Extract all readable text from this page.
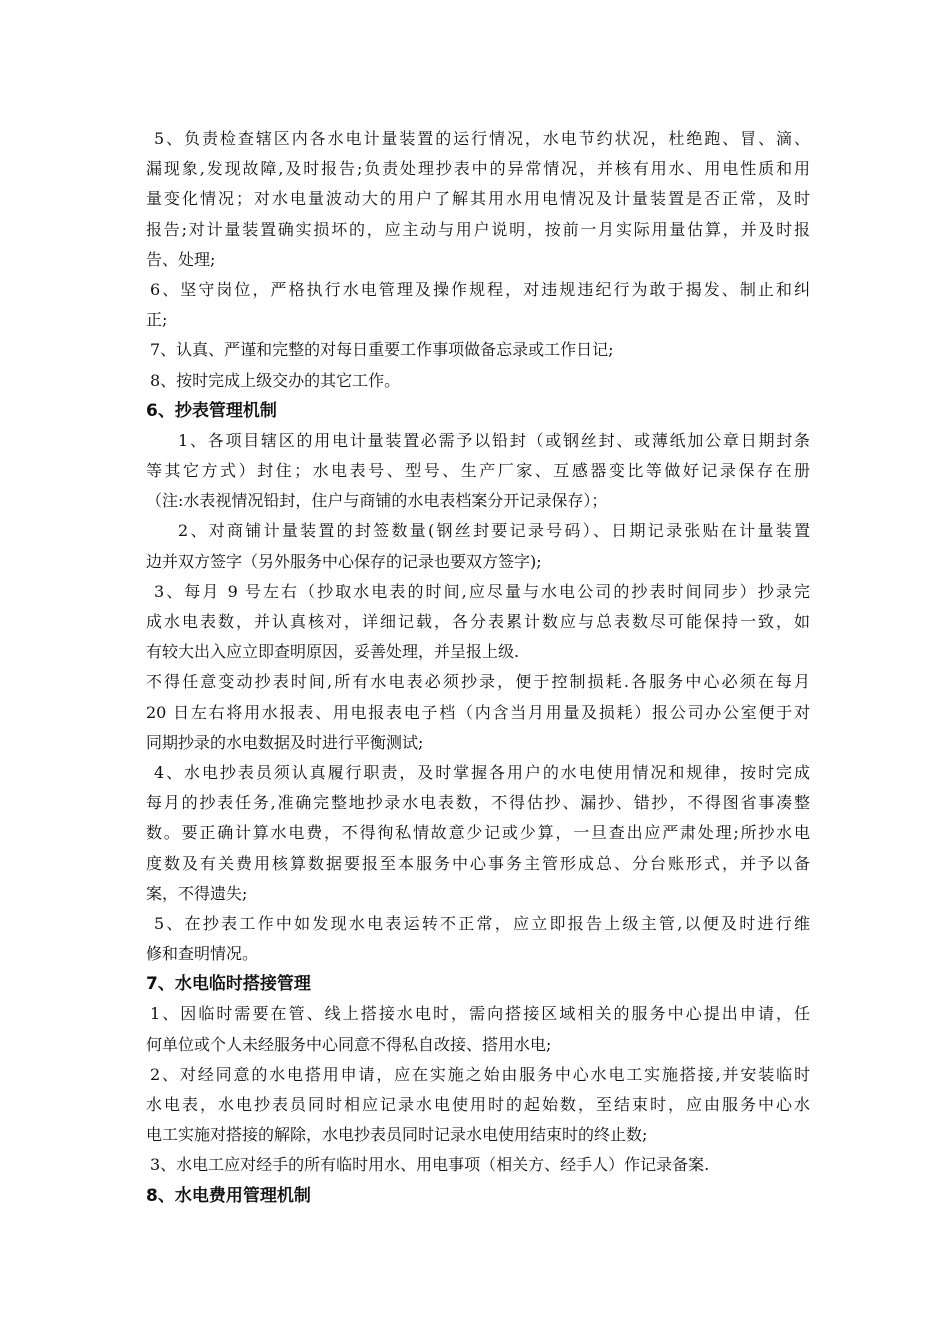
5、负责检查辖区内各水电计量装置的运行情况，水电节约状况，杜绝跑、冒、滴、
漏现象,发现故障,及时报告;负责处理抄表中的异常情况，并核有用水、用电性质和用
量变化情况；对水电量波动大的用户了解其用水用电情况及计量装置是否正常，及时
报告;对计量装置确实损坏的，应主动与用户说明，按前一月实际用量估算，并及时报
告、处理;
6、坚守岗位，严格执行水电管理及操作规程，对违规违纪行为敢于揭发、制止和纠
正;
7、认真、严谨和完整的对每日重要工作事项做备忘录或工作日记;
8、按时完成上级交办的其它工作。
6、抄表管理机制
1、各项目辖区的用电计量装置必需予以铅封（或钢丝封、或薄纸加公章日期封条
等其它方式）封住；水电表号、型号、生产厂家、互感器变比等做好记录保存在册
（注:水表视情况铅封，住户与商铺的水电表档案分开记录保存）；
2、对商铺计量装置的封签数量(钢丝封要记录号码）、日期记录张贴在计量装置
边并双方签字（另外服务中心保存的记录也要双方签字);
3、每月 9 号左右（抄取水电表的时间,应尽量与水电公司的抄表时间同步）抄录完
成水电表数，并认真核对，详细记载，各分表累计数应与总表数尽可能保持一致，如
有较大出入应立即查明原因，妥善处理，并呈报上级.
不得任意变动抄表时间,所有水电表必须抄录，便于控制损耗.各服务中心必须在每月
20 日左右将用水报表、用电报表电子档（内含当月用量及损耗）报公司办公室便于对
同期抄录的水电数据及时进行平衡测试;
4、水电抄表员须认真履行职责，及时掌握各用户的水电使用情况和规律，按时完成
每月的抄表任务,准确完整地抄录水电表数，不得估抄、漏抄、错抄，不得图省事凑整
数。要正确计算水电费，不得徇私情故意少记或少算，一旦查出应严肃处理;所抄水电
度数及有关费用核算数据要报至本服务中心事务主管形成总、分台账形式，并予以备
案，不得遗失;
5、在抄表工作中如发现水电表运转不正常，应立即报告上级主管,以便及时进行维
修和查明情况。
7、水电临时搭接管理
1、因临时需要在管、线上搭接水电时，需向搭接区域相关的服务中心提出申请，任
何单位或个人未经服务中心同意不得私自改接、搭用水电;
2、对经同意的水电搭用申请，应在实施之始由服务中心水电工实施搭接,并安装临时
水电表，水电抄表员同时相应记录水电使用时的起始数，至结束时，应由服务中心水
电工实施对搭接的解除，水电抄表员同时记录水电使用结束时的终止数;
3、水电工应对经手的所有临时用水、用电事项（相关方、经手人）作记录备案.
8、水电费用管理机制
